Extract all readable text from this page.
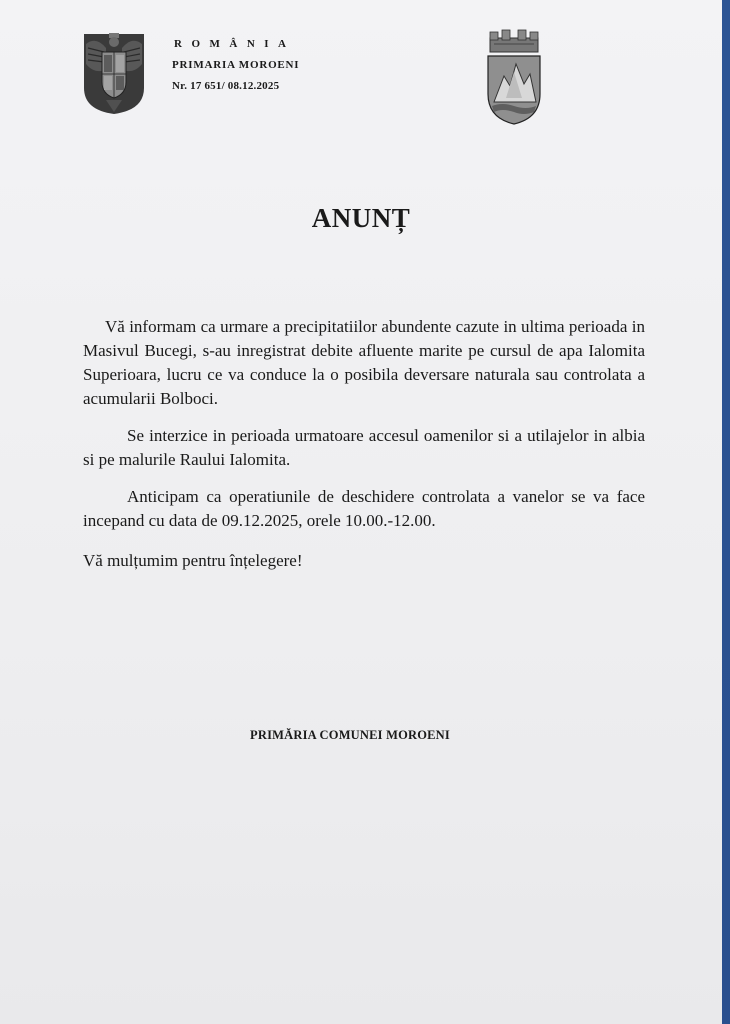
ROMÂNIA
PRIMARIA MOROENI
Nr. 17 651/ 08.12.2025
ANUNȚ
Vă informam ca urmare a precipitatiilor abundente cazute in ultima perioada in Masivul Bucegi, s-au inregistrat debite afluente marite pe cursul de apa Ialomita Superioara, lucru ce va conduce la o posibila deversare naturala sau controlata a acumularii Bolboci.
Se interzice in perioada urmatoare accesul oamenilor si a utilajelor in albia si pe malurile Raului Ialomita.
Anticipam ca operatiunile de deschidere controlata a vanelor se va face incepand cu data de 09.12.2025, orele 10.00.-12.00.
Vă mulțumim pentru înțelegere!
PRIMĂRIA COMUNEI MOROENI
